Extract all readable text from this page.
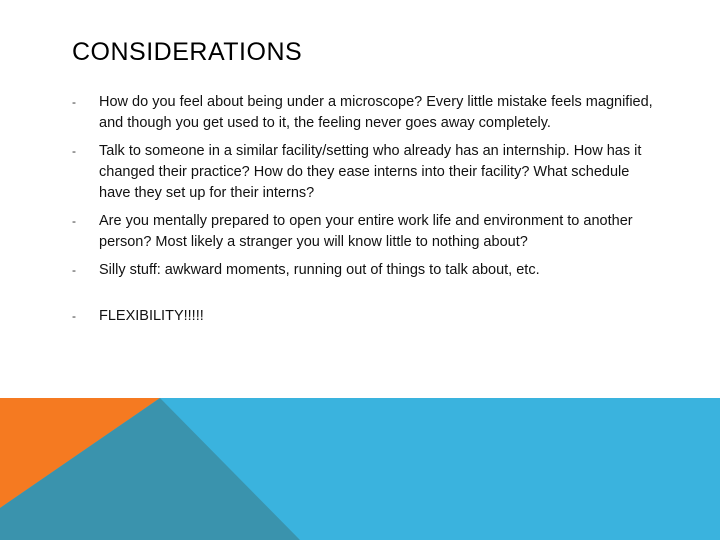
CONSIDERATIONS
- How do you feel about being under a microscope? Every little mistake feels magnified, and though you get used to it, the feeling never goes away completely.
- Talk to someone in a similar facility/setting who already has an internship. How has it changed their practice? How do they ease interns into their facility? What schedule have they set up for their interns?
- Are you mentally prepared to open your entire work life and environment to another person? Most likely a stranger you will know little to nothing about?
- Silly stuff: awkward moments, running out of things to talk about, etc.
- FLEXIBILITY!!!!!
